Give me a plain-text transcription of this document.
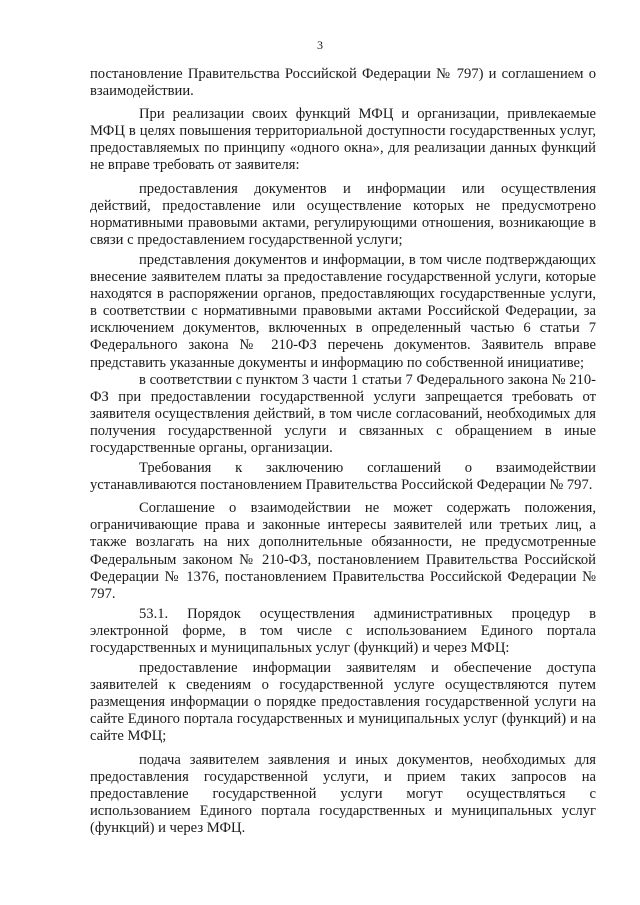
3

постановление Правительства Российской Федерации № 797) и соглашением о взаимодействии.

При реализации своих функций МФЦ и организации, привлекаемые МФЦ в целях повышения территориальной доступности государственных услуг, предоставляемых по принципу «одного окна», для реализации данных функций не вправе требовать от заявителя:

предоставления документов и информации или осуществления действий, предоставление или осуществление которых не предусмотрено нормативными правовыми актами, регулирующими отношения, возникающие в связи с предоставлением государственной услуги;

представления документов и информации, в том числе подтверждающих внесение заявителем платы за предоставление государственной услуги, которые находятся в распоряжении органов, предоставляющих государственные услуги, в соответствии с нормативными правовыми актами Российской Федерации, за исключением документов, включенных в определенный частью 6 статьи 7 Федерального закона № 210-ФЗ перечень документов. Заявитель вправе представить указанные документы и информацию по собственной инициативе;

в соответствии с пунктом 3 части 1 статьи 7 Федерального закона № 210-ФЗ при предоставлении государственной услуги запрещается требовать от заявителя осуществления действий, в том числе согласований, необходимых для получения государственной услуги и связанных с обращением в иные государственные органы, организации.

Требования к заключению соглашений о взаимодействии устанавливаются постановлением Правительства Российской Федерации № 797.

Соглашение о взаимодействии не может содержать положения, ограничивающие права и законные интересы заявителей или третьих лиц, а также возлагать на них дополнительные обязанности, не предусмотренные Федеральным законом № 210-ФЗ, постановлением Правительства Российской Федерации № 1376, постановлением Правительства Российской Федерации № 797.

53.1. Порядок осуществления административных процедур в электронной форме, в том числе с использованием Единого портала государственных и муниципальных услуг (функций) и через МФЦ:

предоставление информации заявителям и обеспечение доступа заявителей к сведениям о государственной услуге осуществляются путем размещения информации о порядке предоставления государственной услуги на сайте Единого портала государственных и муниципальных услуг (функций) и на сайте МФЦ;

подача заявителем заявления и иных документов, необходимых для предоставления государственной услуги, и прием таких запросов на предоставление государственной услуги могут осуществляться с использованием Единого портала государственных и муниципальных услуг (функций) и через МФЦ.
